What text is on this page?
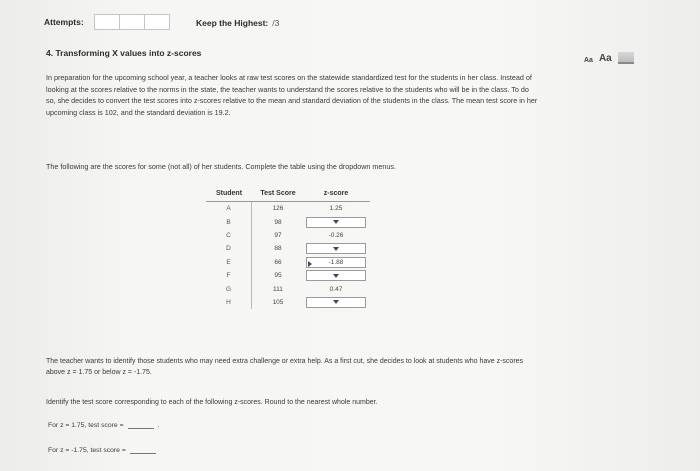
Attempts:	Keep the Highest: /3
4. Transforming X values into z-scores
Aa Aa
In preparation for the upcoming school year, a teacher looks at raw test scores on the statewide standardized test for the students in her class. Instead of looking at the scores relative to the norms in the state, the teacher wants to understand the scores relative to the students who will be in the class. To do so, she decides to convert the test scores into z-scores relative to the mean and standard deviation of the students in the class. The mean test score in her upcoming class is 102, and the standard deviation is 19.2.
The following are the scores for some (not all) of her students. Complete the table using the dropdown menus.
Student	Test Score	z-score
A	126	1.25
B	98
C	97	-0.26
D	88
E	66	-1.88
F	95
G	111	0.47
H	105
The teacher wants to identify those students who may need extra challenge or extra help. As a first cut, she decides to look at students who have z-scores above z = 1.75 or below z = -1.75.
Identify the test score corresponding to each of the following z-scores. Round to the nearest whole number.
For z = 1.75, test score =	.
For z = -1.75, test score =
